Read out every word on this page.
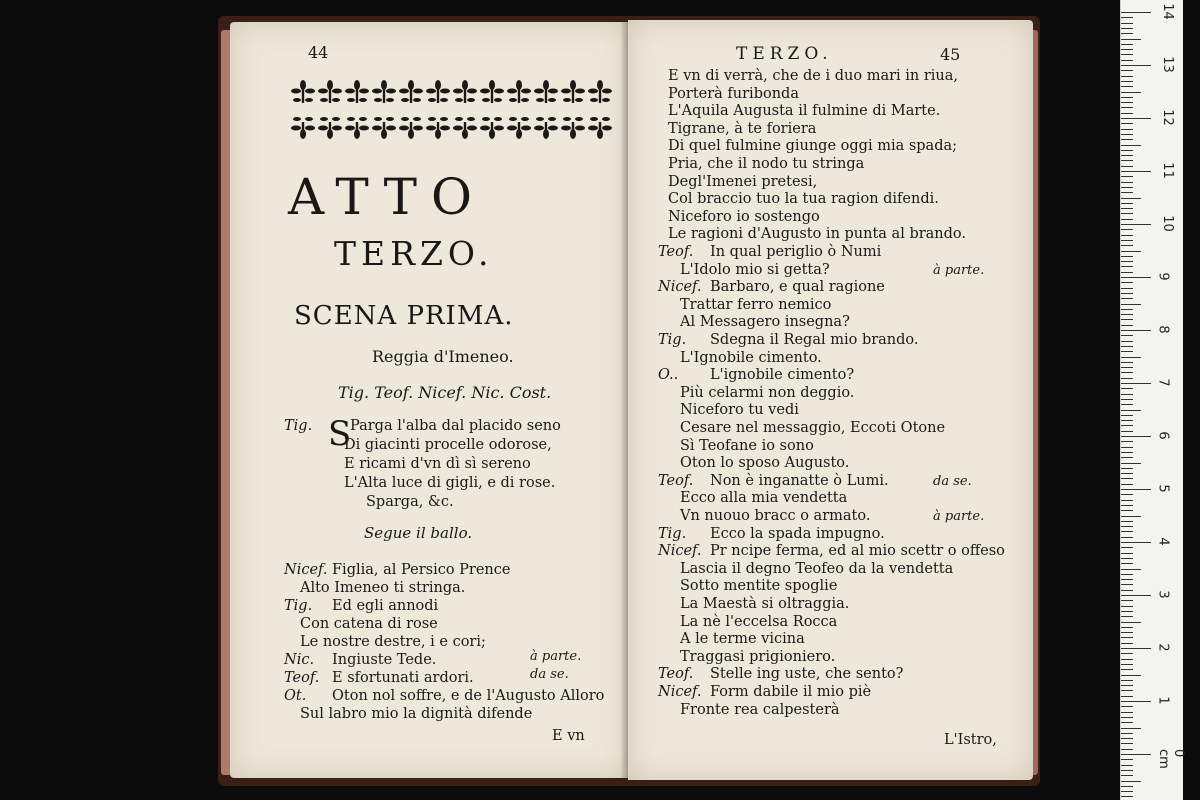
44
ATTO
TERZO.
SCENA PRIMA.
Reggia d'Imeneo.
Tig. Teof. Nicef. Nic. Cost.
Tig.	Parga l'alba dal placido seno
Di giacinti procelle odorose,
E ricami d'vn dì sì sereno
L'Alta luce di gigli, e di rose.
Sparga, &c.
S
Segue il ballo.
Nicef. Figlia, al Persico Prence
Alto Imeneo ti stringa.
Tig. Ed egli annodi
Con catena di rose
Le nostre destre, i e cori;
Nic. Ingiuste Tede.	à parte.
Teof. E sfortunati ardori.	da se.
Ot. Oton nol soffre, e de l'Augusto Alloro
Sul labro mio la dignità difende
E vn
TERZO.	45
E vn di verrà, che de i duo mari in riua,
Porterà furibonda
L'Aquila Augusta il fulmine di Marte.
Tigrane, à te foriera
Di quel fulmine giunge oggi mia spada;
Pria, che il nodo tu stringa
Degl'Imenei pretesi,
Col braccio tuo la tua ragion difendi.
Niceforo io sostengo
Le ragioni d'Augusto in punta al brando.
Teof. In qual periglio ò Numi
L'Idolo mio si getta?	à parte.
Nicef. Barbaro, e qual ragione
Trattar ferro nemico
Al Messagero insegna?
Tig. Sdegna il Regal mio brando.
L'Ignobile cimento.
O.. L'ignobile cimento?
Più celarmi non deggio.
Niceforo tu vedi
Cesare nel messaggio, Eccoti Otone
Sì Teofane io sono
Oton lo sposo Augusto.
Teof. Non è inganatte ò Lumi.	da se.
Ecco alla mia vendetta
Vn nuouo bracc o armato.	à parte.
Tig. Ecco la spada impugno.
Nicef. Pr ncipe ferma, ed al mio scettr o offeso
Lascia il degno Teofeo da la vendetta
Sotto mentite spoglie
La Maestà si oltraggia.
La nè l'eccelsa Rocca
A le terme vicina
Traggasi prigioniero.
Teof. Stelle ing uste, che sento?
Nicef. Form dabile il mio piè
Fronte rea calpesterà
L'Istro,
14
13
12
11
10
9
8
7
6
5
4
3
2
1
0 cm
